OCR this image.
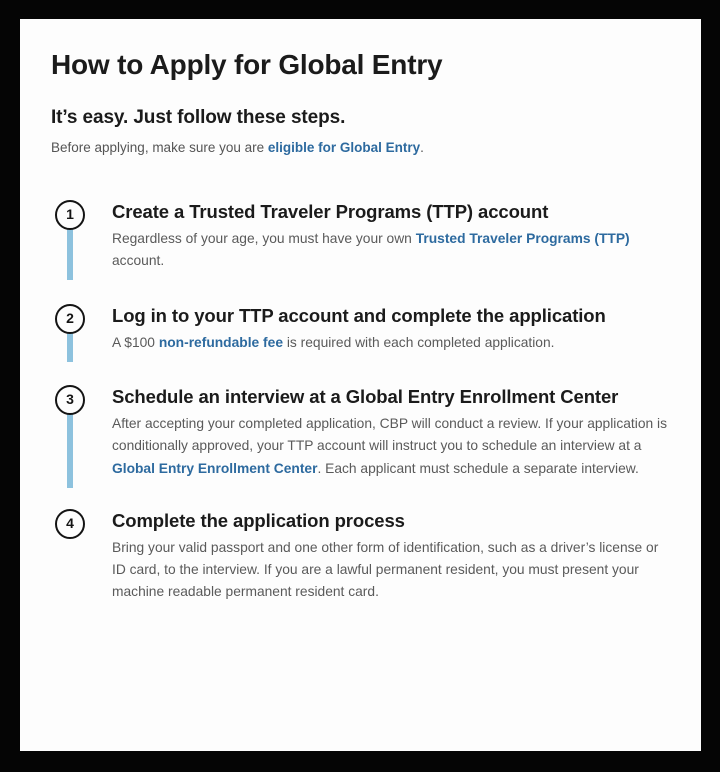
How to Apply for Global Entry
It’s easy. Just follow these steps.

Before applying, make sure you are eligible for Global Entry.

1	Create a Trusted Traveler Programs (TTP) account

Regardless of your age, you must have your own Trusted Traveler Programs (TTP) account.

2	Log in to your TTP account and complete the application

A $100 non-refundable fee is required with each completed application.

3	Schedule an interview at a Global Entry Enrollment Center

After accepting your completed application, CBP will conduct a review. If your application is conditionally approved, your TTP account will instruct you to schedule an interview at a Global Entry Enrollment Center. Each applicant must schedule a separate interview.

4	Complete the application process

Bring your valid passport and one other form of identification, such as a driver’s license or ID card, to the interview. If you are a lawful permanent resident, you must present your machine readable permanent resident card.
